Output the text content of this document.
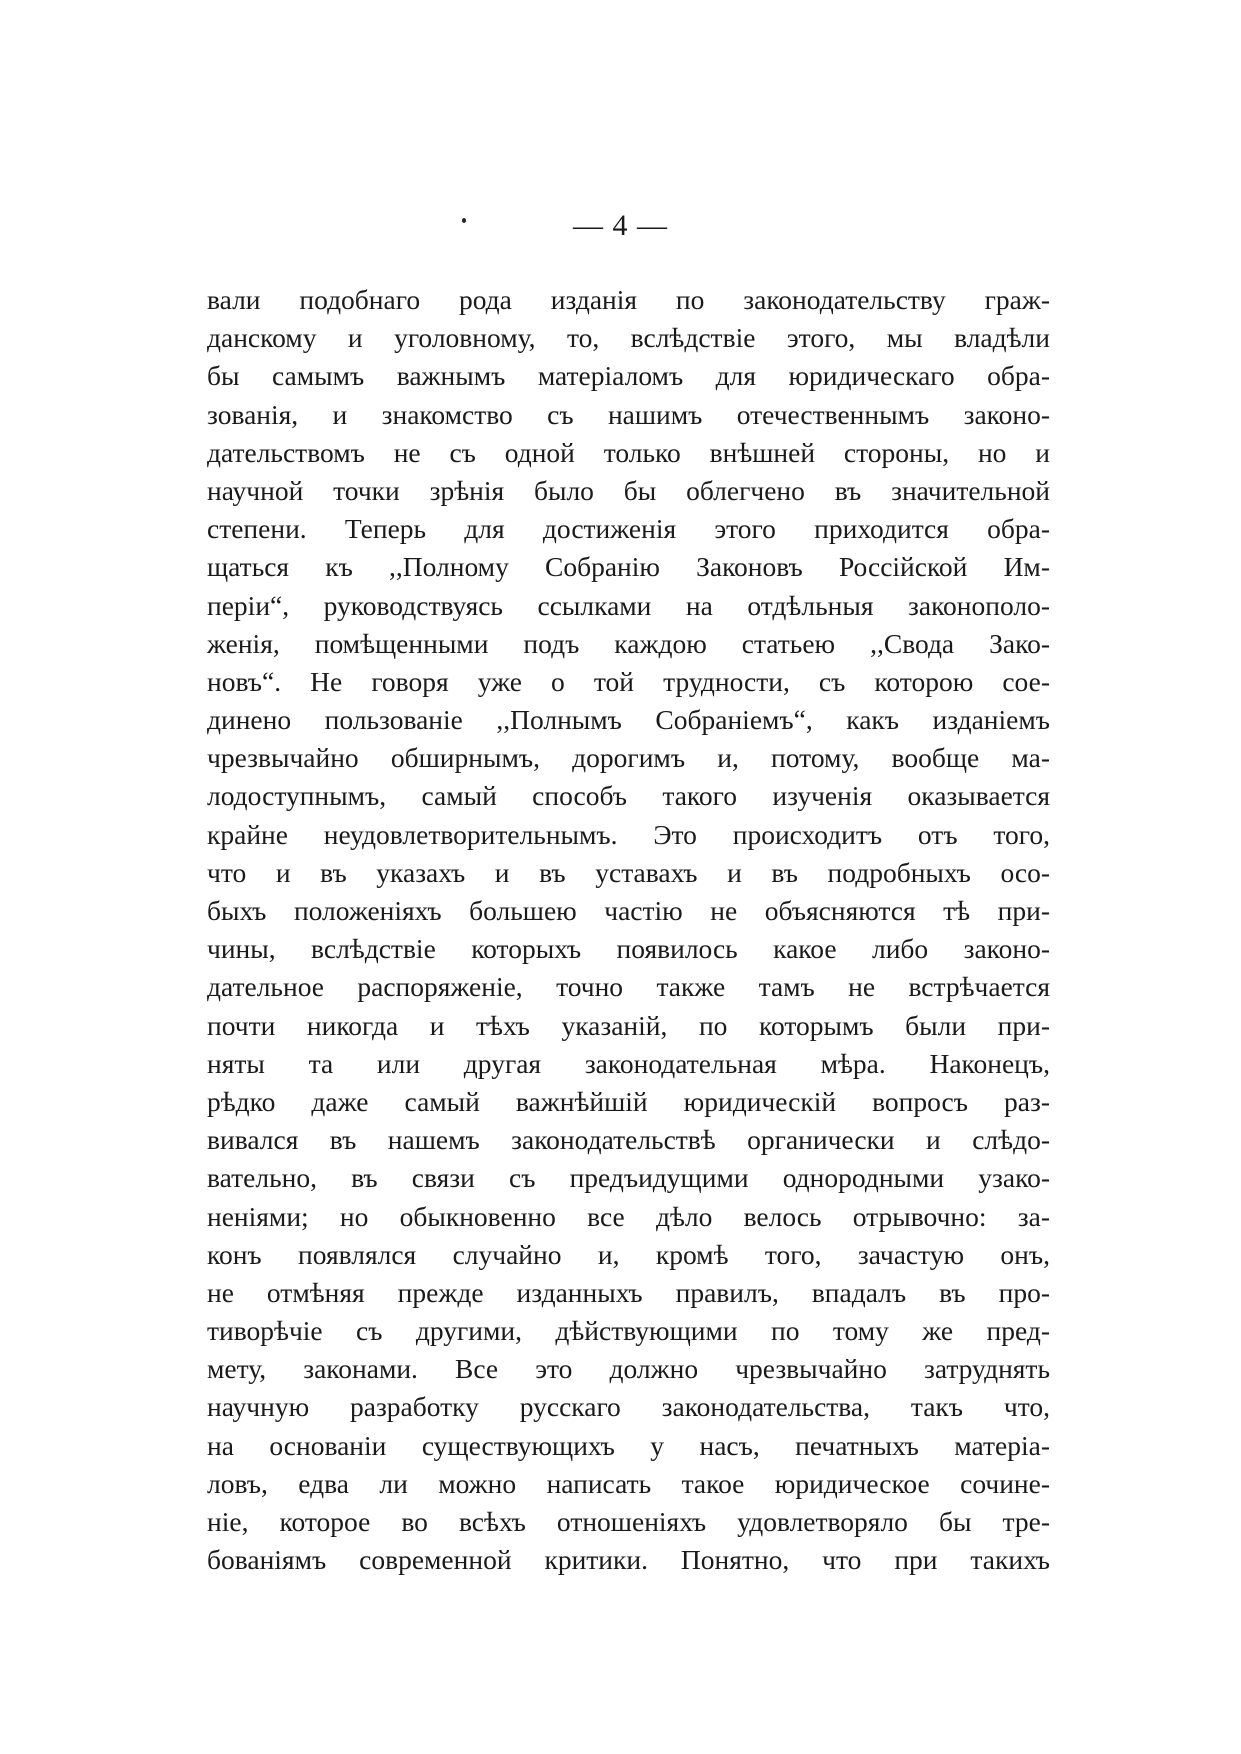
— 4 —
вали подобнаго рода изданія по законодательству граж-
данскому и уголовному, то, вслѣдствіе этого, мы владѣли
бы самымъ важнымъ матеріаломъ для юридическаго обра-
зованія, и знакомство съ нашимъ отечественнымъ законо-
дательствомъ не съ одной только внѣшней стороны, но и
научной точки зрѣнія было бы облегчено въ значительной
степени. Теперь для достиженія этого приходится обра-
щаться къ ,,Полному Собранію Законовъ Россійской Им-
періи“, руководствуясь ссылками на отдѣльныя законополо-
женія, помѣщенными подъ каждою статьею ,,Свода Зако-
новъ“. Не говоря уже о той трудности, съ которою сое-
динено пользованіе ,,Полнымъ Собраніемъ“, какъ изданіемъ
чрезвычайно обширнымъ, дорогимъ и, потому, вообще ма-
лодоступнымъ, самый способъ такого изученія оказывается
крайне неудовлетворительнымъ. Это происходитъ отъ того,
что и въ указахъ и въ уставахъ и въ подробныхъ осо-
быхъ положеніяхъ большею частію не объясняются тѣ при-
чины, вслѣдствіе которыхъ появилось какое либо законо-
дательное распоряженіе, точно также тамъ не встрѣчается
почти никогда и тѣхъ указаній, по которымъ были при-
няты та или другая законодательная мѣра. Наконецъ,
рѣдко даже самый важнѣйшій юридическій вопросъ раз-
вивался въ нашемъ законодательствѣ органически и слѣдо-
вательно, въ связи съ предъидущими однородными узако-
неніями; но обыкновенно все дѣло велось отрывочно: за-
конъ появлялся случайно и, кромѣ того, зачастую онъ,
не отмѣняя прежде изданныхъ правилъ, впадалъ въ про-
тиворѣчіе съ другими, дѣйствующими по тому же пред-
мету, законами. Все это должно чрезвычайно затруднять
научную разработку русскаго законодательства, такъ что,
на основаніи существующихъ у насъ, печатныхъ матеріа-
ловъ, едва ли можно написать такое юридическое сочине-
ніе, которое во всѣхъ отношеніяхъ удовлетворяло бы тре-
бованіямъ современной критики. Понятно, что при такихъ
